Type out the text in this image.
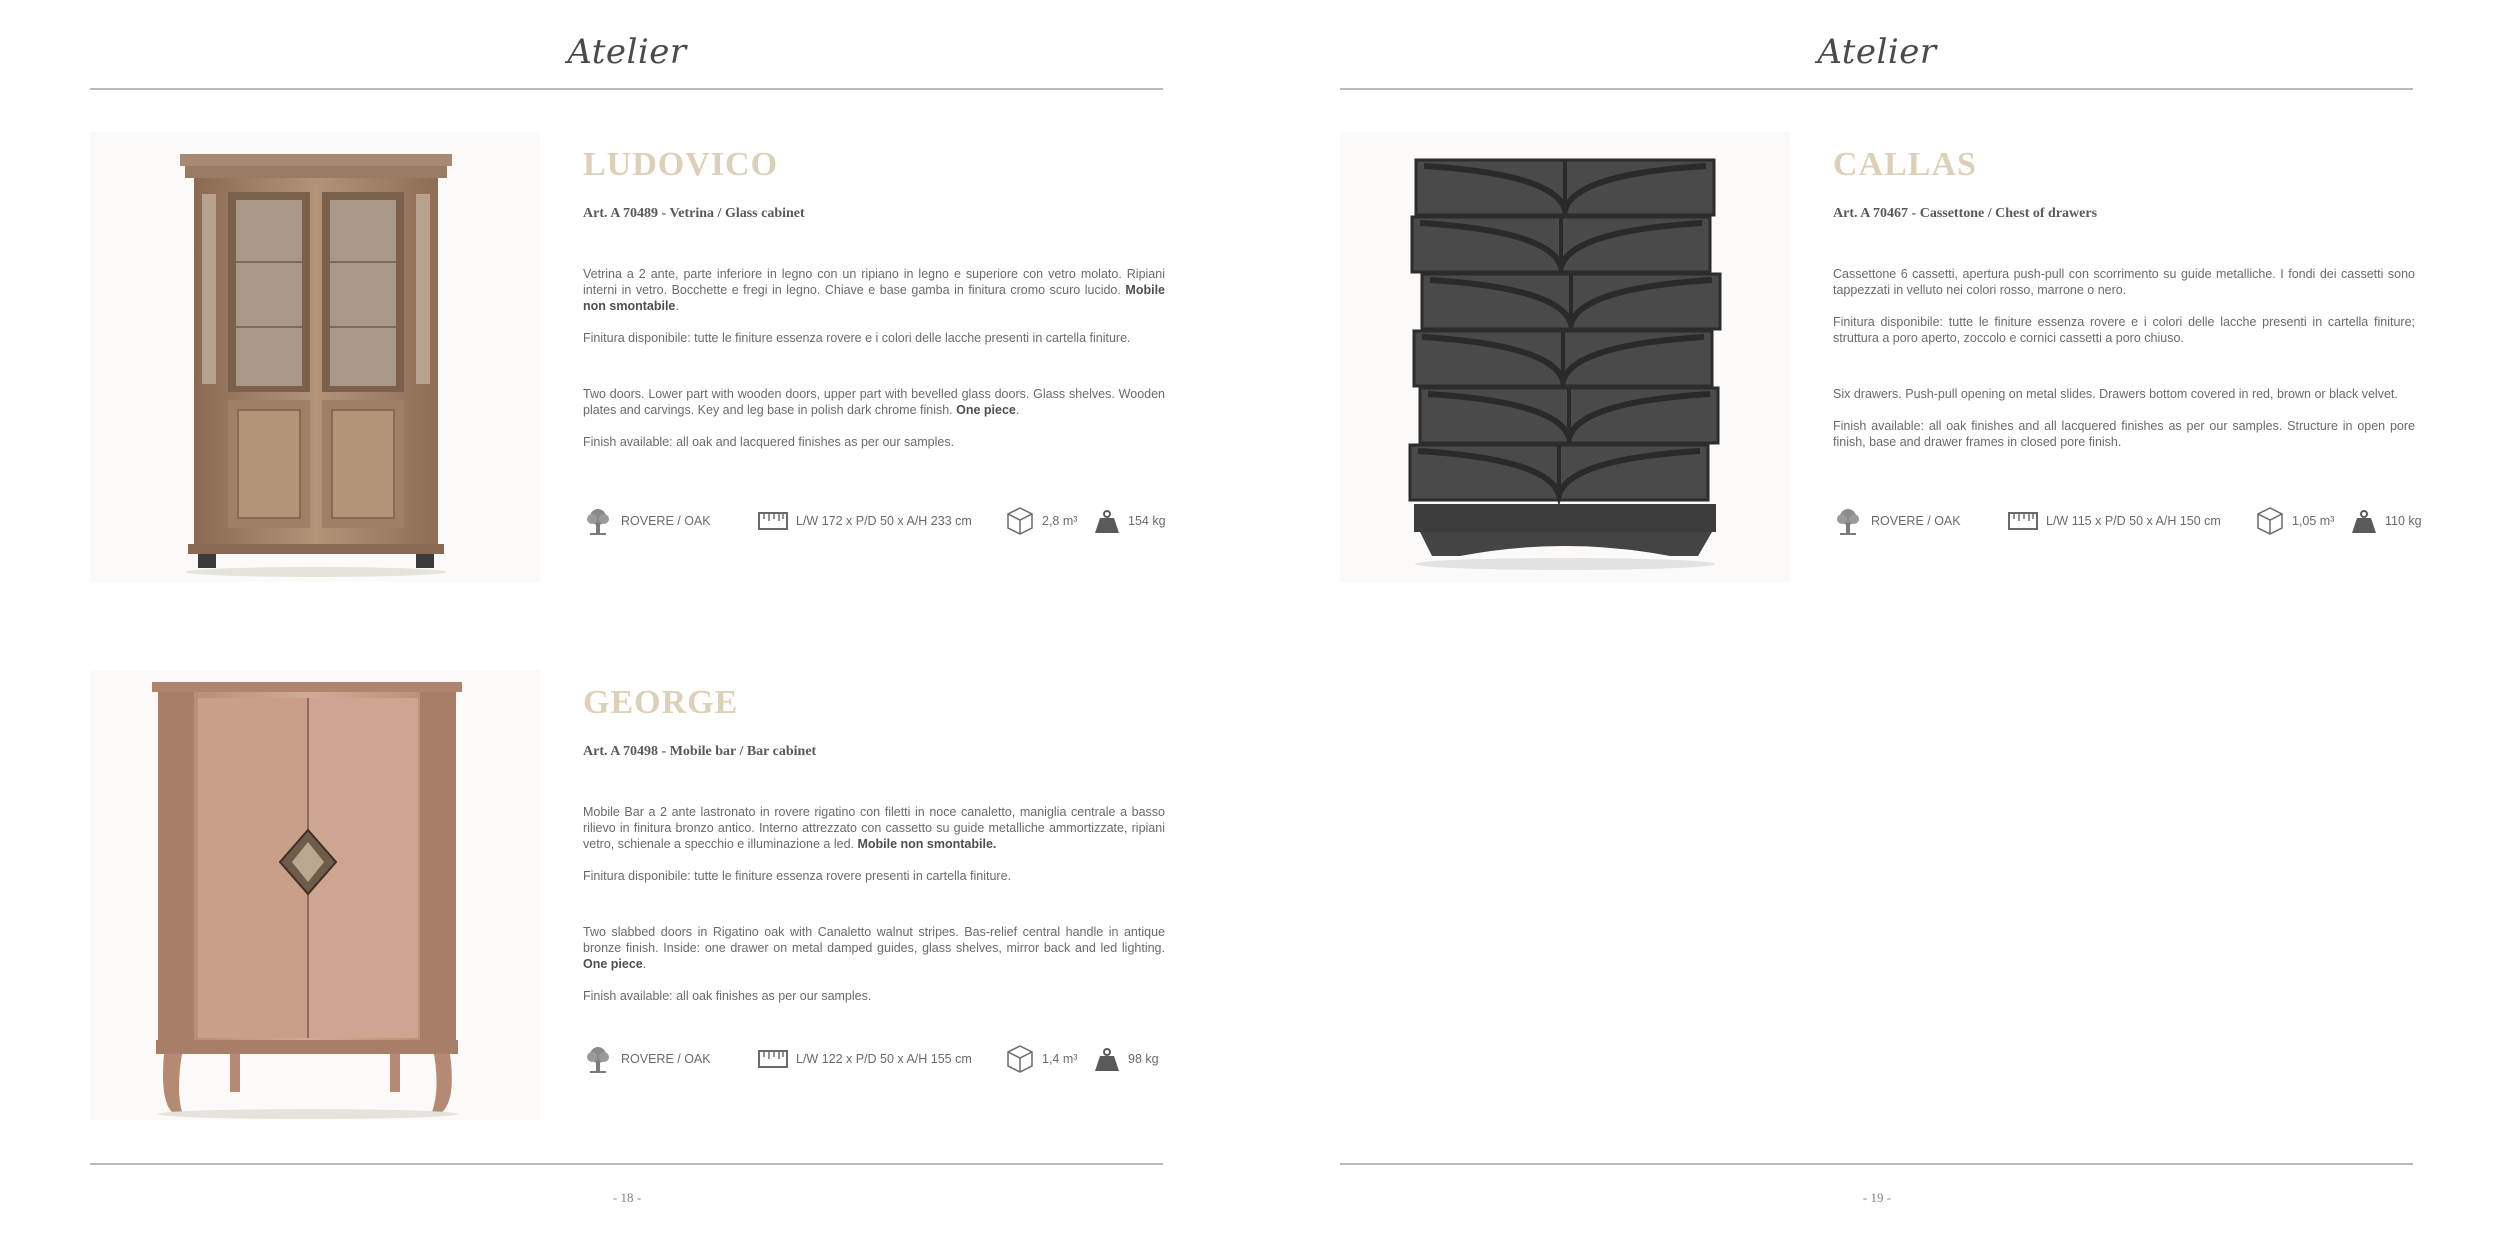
Atelier
LUDOVICO
Art. A 70489 - Vetrina / Glass cabinet
Vetrina a 2 ante, parte inferiore in legno con un ripiano in legno e superiore con vetro molato. Ripiani interni in vetro. Bocchette e fregi in legno. Chiave e base gamba in finitura cromo scuro lucido. Mobile non smontabile.
Finitura disponibile: tutte le finiture essenza rovere e i colori delle lacche presenti in cartella finiture.
Two doors. Lower part with wooden doors, upper part with bevelled glass doors. Glass shelves. Wooden plates and carvings. Key and leg base in polish dark chrome finish. One piece.
Finish available: all oak and lacquered finishes as per our samples.
ROVERE / OAK	L/W 172 x P/D 50 x A/H 233 cm	2,8 m³	154 kg
GEORGE
Art. A 70498 - Mobile bar / Bar cabinet
Mobile Bar a 2 ante lastronato in rovere rigatino con filetti in noce canaletto, maniglia centrale a basso rilievo in finitura bronzo antico. Interno attrezzato con cassetto su guide metalliche ammortizzate, ripiani vetro, schienale a specchio e illuminazione a led. Mobile non smontabile.
Finitura disponibile: tutte le finiture essenza rovere presenti in cartella finiture.
Two slabbed doors in Rigatino oak with Canaletto walnut stripes. Bas-relief central handle in antique bronze finish. Inside: one drawer on metal damped guides, glass shelves, mirror back and led lighting. One piece.
Finish available: all oak finishes as per our samples.
ROVERE / OAK	L/W 122 x P/D 50 x A/H 155 cm	1,4 m³	98 kg
- 18 -
Atelier
CALLAS
Art. A 70467 - Cassettone / Chest of drawers
Cassettone 6 cassetti, apertura push-pull con scorrimento su guide metalliche. I fondi dei cassetti sono tappezzati in velluto nei colori rosso, marrone o nero.
Finitura disponibile: tutte le finiture essenza rovere e i colori delle lacche presenti in cartella finiture; struttura a poro aperto, zoccolo e cornici cassetti a poro chiuso.
Six drawers. Push-pull opening on metal slides. Drawers bottom covered in red, brown or black velvet.
Finish available: all oak finishes and all lacquered finishes as per our samples. Structure in open pore finish, base and drawer frames in closed pore finish.
ROVERE / OAK	L/W 115 x P/D 50 x A/H 150 cm	1,05 m³	110 kg
- 19 -
